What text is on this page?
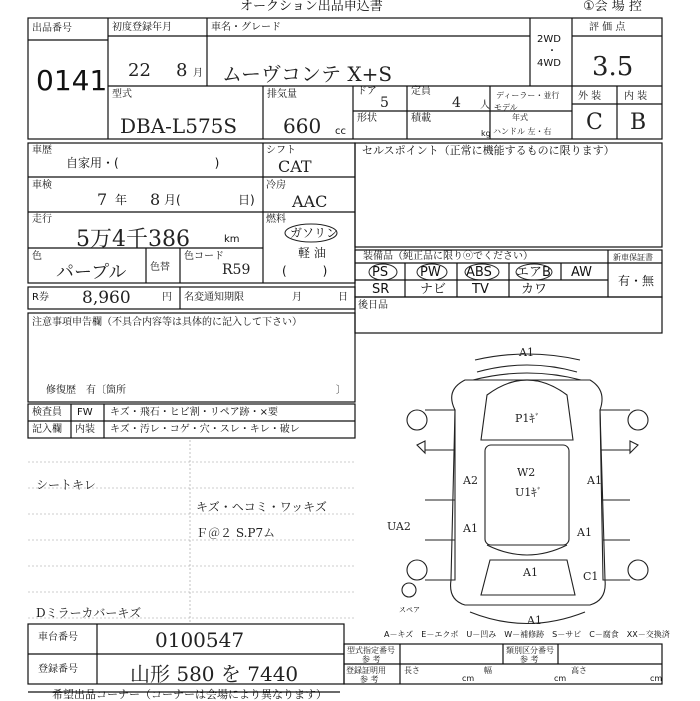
A1
P1ｷﾞ
W2
U1ｷﾞ
A2	A1
UA2	A1	A1
A1	C1
A1
スペア
オークション出品申込書	①会 場 控
出品番号
0141
初度登録年月
22 8 月
車名・グレード
ムーヴコンテ X+S
2WD
・
4WD
評 価 点
3.5
外 装 内 装
C B
型式
DBA-L575S
排気量
660 cc
ドア
5
定員
4 人
ディーラー・並行
形状	積載
kg
モデル
年式
ハンドル 左・右
車歴
自家用・(　　　　　　　　)
シフト
CAT
セルスポイント（正常に機能するものに限ります）
車検
7 年 8 月(	日)
冷房
AAC
走行
5万4千386	km
燃料
ガソリン
軽 油
(　　　)
色
パープル 色替
色コード
R59
装備品（純正品に限りⓞでください）
PS PW ABS エアB AW
SR ナビ TV カワ
新車保証書
有・無
後日品
R券 8,960	円 名変通知期限	月	日
注意事項申告欄（不具合内容等は具体的に記入して下さい）
修復歴　有〔箇所	〕
検査員 FW キズ・飛石・ヒビ割・リペア跡・×要
記入欄 内装 キズ・汚レ・コゲ・穴・スレ・キレ・破レ
シートキレ
キズ・ヘコミ・ワッキズ
Ｆ＠２ S.P7ム
Dミラーカバーキズ
A－キズ　E－エクボ　U－凹み　W－補修跡　S－サビ　C－腐食　XX－交換済
車台番号	0100547
登録番号	山形 580 を 7440
型式指定番号
参 考
類別区分番号
参 考
登録証明用
参 考
長さ	幅	高さ
cm	cm	cm
希望出品コーナー（コーナーは会場により異なります）
